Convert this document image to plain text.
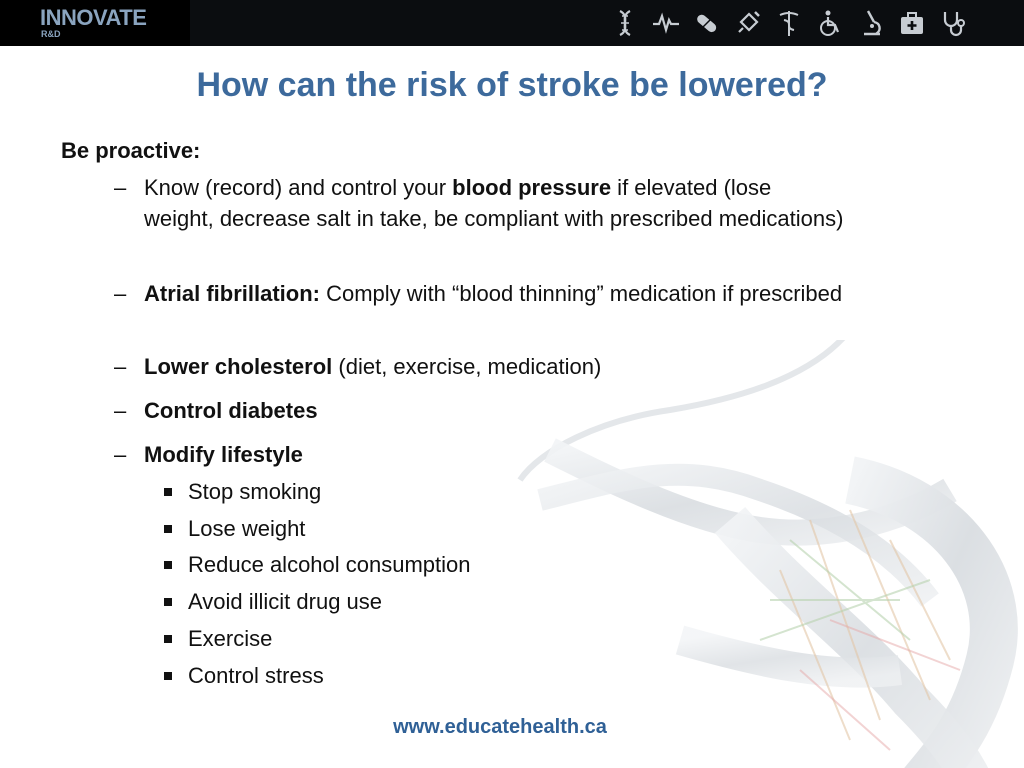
INNOVATE
R&D
How can the risk of stroke be lowered?
Be proactive:
– Know (record) and control your blood pressure if elevated (lose weight, decrease salt in take, be compliant with prescribed medications)
– Atrial fibrillation: Comply with “blood thinning” medication if prescribed
– Lower cholesterol (diet, exercise, medication)
– Control diabetes
– Modify lifestyle
Stop smoking
Lose weight
Reduce alcohol consumption
Avoid illicit drug use
Exercise
Control stress
www.educatehealth.ca
